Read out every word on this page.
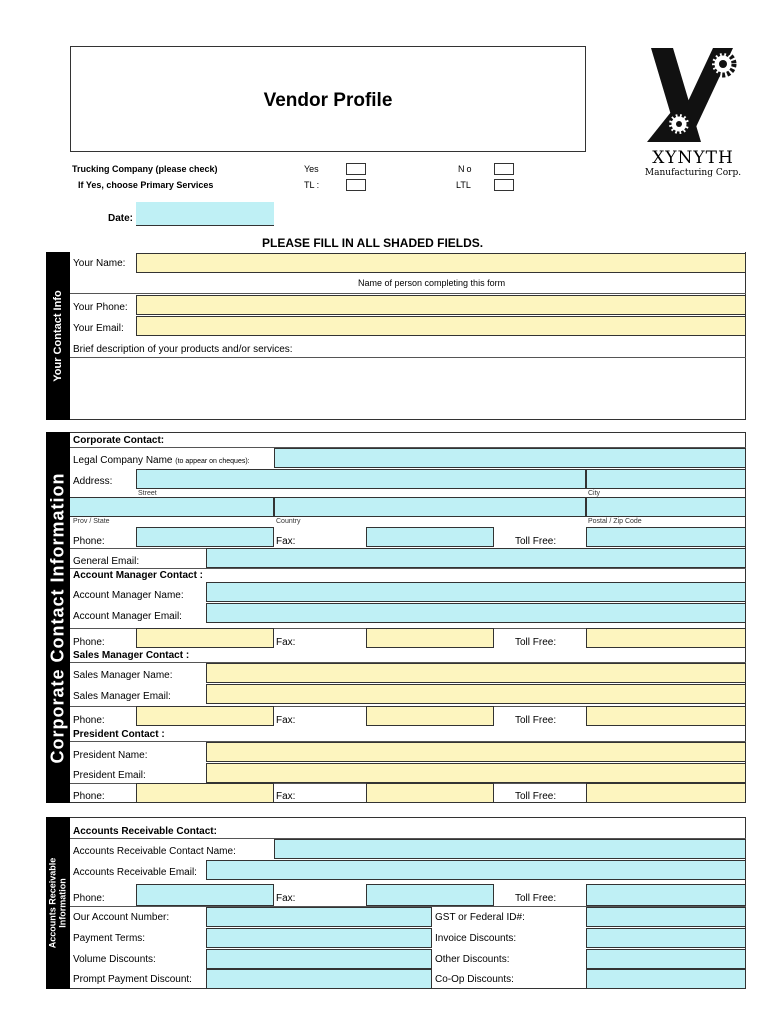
Vendor Profile
XYNYTH
Manufacturing Corp.
Trucking Company (please check)	Yes	No
If Yes, choose Primary Services	TL :	LTL
Date:
PLEASE FILL IN ALL SHADED FIELDS.
Your Contact Info
Your Name:
Name of person completing this form
Your Phone:
Your Email:
Brief description of your products and/or services:
Corporate Contact Information
Corporate Contact:
Legal Company Name (to appear on cheques):
Address:
Street	City
Prov / State	Country	Postal / Zip Code
Phone:	Fax:	Toll Free:
General Email:
Account Manager Contact :
Account Manager Name:
Account Manager Email:
Phone:	Fax:	Toll Free:
Sales Manager Contact :
Sales Manager Name:
Sales Manager Email:
Phone:	Fax:	Toll Free:
President Contact :
President Name:
President Email:
Phone:	Fax:	Toll Free:
Accounts Receivable Information
Accounts Receivable Contact:
Accounts Receivable Contact Name:
Accounts Receivable Email:
Phone:	Fax:	Toll Free:
Our Account Number:	GST or Federal ID#:
Payment Terms:	Invoice Discounts:
Volume Discounts:	Other Discounts:
Prompt Payment Discount:	Co-Op Discounts:
